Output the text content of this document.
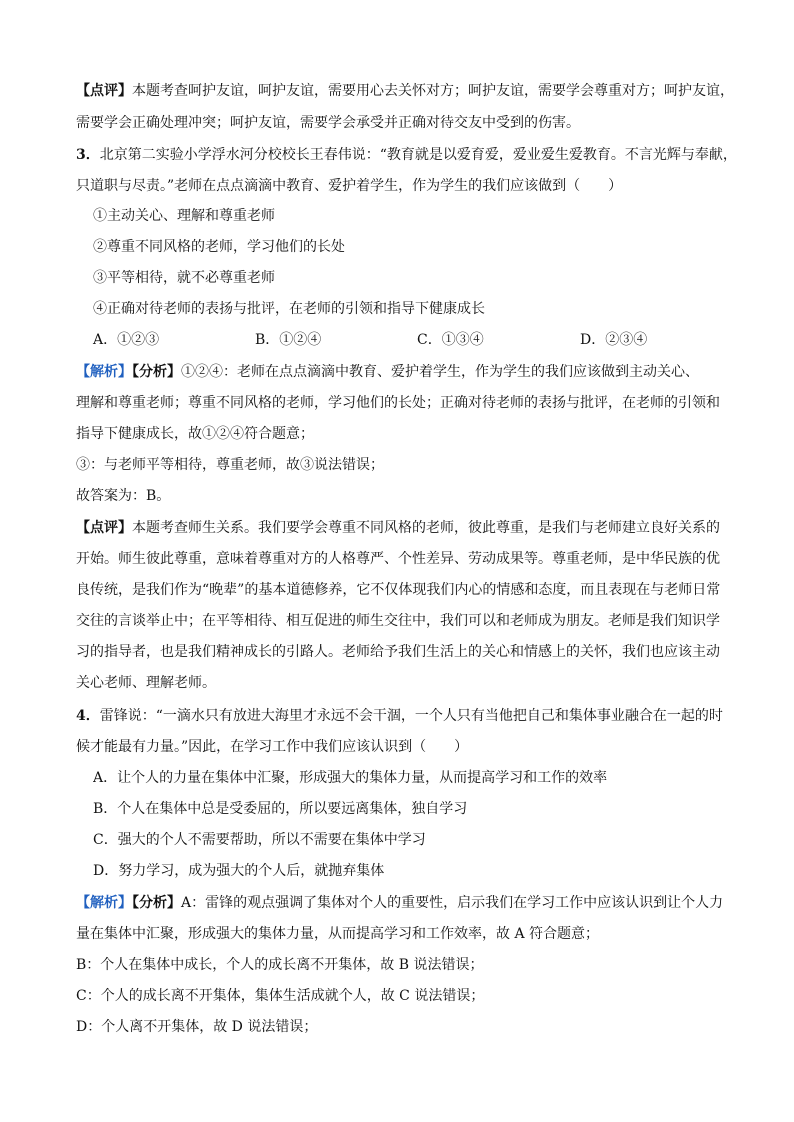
【点评】本题考查呵护友谊，呵护友谊，需要用心去关怀对方；呵护友谊，需要学会尊重对方；呵护友谊，
需要学会正确处理冲突；呵护友谊，需要学会承受并正确对待交友中受到的伤害。
3．北京第二实验小学浮水河分校校长王春伟说：“教育就是以爱育爱，爱业爱生爱教育。不言光辉与奉献，
只道职与尽责。”老师在点点滴滴中教育、爱护着学生，作为学生的我们应该做到（　　）
①主动关心、理解和尊重老师
②尊重不同风格的老师，学习他们的长处
③平等相待，就不必尊重老师
④正确对待老师的表扬与批评，在老师的引领和指导下健康成长
A．①②③	B．①②④	C．①③④	D．②③④
【解析】【分析】①②④：老师在点点滴滴中教育、爱护着学生，作为学生的我们应该做到主动关心、
理解和尊重老师；尊重不同风格的老师，学习他们的长处；正确对待老师的表扬与批评，在老师的引领和
指导下健康成长，故①②④符合题意；
③：与老师平等相待，尊重老师，故③说法错误；
故答案为：B。
【点评】本题考查师生关系。我们要学会尊重不同风格的老师，彼此尊重，是我们与老师建立良好关系的
开始。师生彼此尊重，意味着尊重对方的人格尊严、个性差异、劳动成果等。尊重老师，是中华民族的优
良传统，是我们作为“晚辈”的基本道德修养，它不仅体现我们内心的情感和态度，而且表现在与老师日常
交往的言谈举止中；在平等相待、相互促进的师生交往中，我们可以和老师成为朋友。老师是我们知识学
习的指导者，也是我们精神成长的引路人。老师给予我们生活上的关心和情感上的关怀，我们也应该主动
关心老师、理解老师。
4．雷锋说：“一滴水只有放进大海里才永远不会干涸，一个人只有当他把自己和集体事业融合在一起的时
候才能最有力量。”因此，在学习工作中我们应该认识到（　　）
A．让个人的力量在集体中汇聚，形成强大的集体力量，从而提高学习和工作的效率
B．个人在集体中总是受委屈的，所以要远离集体，独自学习
C．强大的个人不需要帮助，所以不需要在集体中学习
D．努力学习，成为强大的个人后，就抛弃集体
【解析】【分析】A：雷锋的观点强调了集体对个人的重要性，启示我们在学习工作中应该认识到让个人力
量在集体中汇聚，形成强大的集体力量，从而提高学习和工作效率，故 A 符合题意；
B：个人在集体中成长，个人的成长离不开集体，故 B 说法错误；
C：个人的成长离不开集体，集体生活成就个人，故 C 说法错误；
D：个人离不开集体，故 D 说法错误；
